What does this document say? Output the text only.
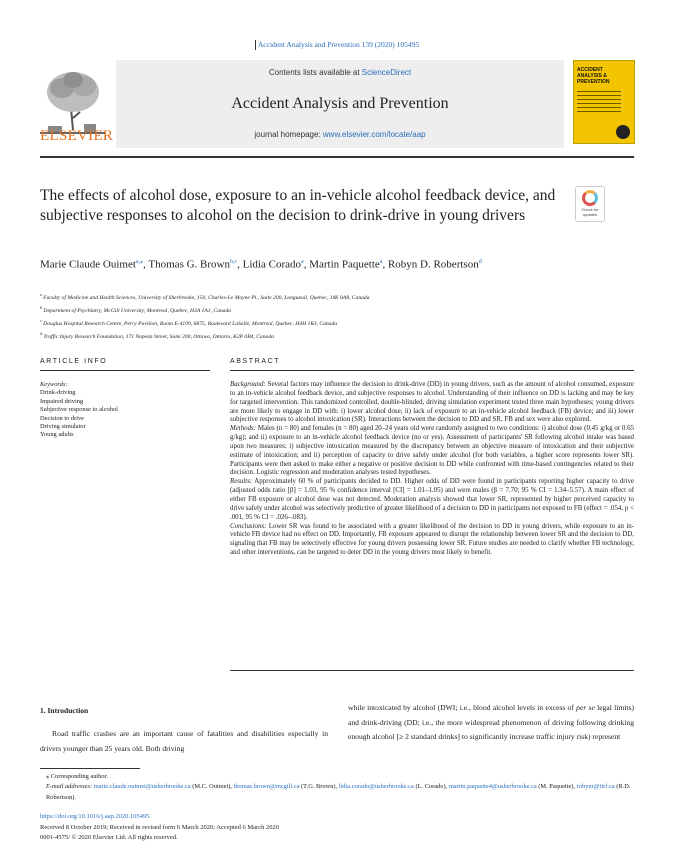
Accident Analysis and Prevention 139 (2020) 105495
ELSEVIER
Contents lists available at ScienceDirect
Accident Analysis and Prevention
journal homepage: www.elsevier.com/locate/aap
ACCIDENT ANALYSIS & PREVENTION
The effects of alcohol dose, exposure to an in-vehicle alcohol feedback device, and subjective responses to alcohol on the decision to drink-drive in young drivers	Check for updates
Marie Claude Ouimet$^{a,⁎}$, Thomas G. Brown$^{b,c}$, Lidia Corado$^a$, Martin Paquette$^a$, Robyn D. Robertson$^d$
$^a$ Faculty of Medicine and Health Sciences, University of Sherbrooke, 150, Charles-Le Moyne Pl., Suite 200, Longueuil, Quebec, J4K 0A8, Canada
$^b$ Department of Psychiatry, McGill University, Montreal, Quebec, H3A 1A1, Canada
$^c$ Douglas Hospital Research Centre, Perry Pavilion, Room E-4109, 6875, Boulevard LaSalle, Montreal, Quebec, H4H 1R3, Canada
$^d$ Traffic Injury Research Foundation, 171 Nepean Street, Suite 200, Ottawa, Ontario, K2P 0B4, Canada
ARTICLE INFO	ABSTRACT
Keywords:
Drink-driving
Impaired driving
Subjective response to alcohol
Decision to drive
Driving simulator
Young adults

Background: Several factors may influence the decision to drink-drive (DD) in young drivers, such as the amount of alcohol consumed, exposure to an in-vehicle alcohol feedback device, and subjective responses to alcohol. Understanding of their influence on DD is lacking and may be key for targeted intervention. This randomized controlled, double-blinded, driving simulation experiment tested three main hypotheses; young drivers are more likely to engage in DD with: i) lower alcohol dose; ii) lack of exposure to an in-vehicle alcohol feedback (FB) device; and iii) lower subjective responses to alcohol intoxication (SR). Interactions between the decision to DD and SR, FB and sex were also explored.

Methods: Males (n = 80) and females (n = 80) aged 20–24 years old were randomly assigned to two conditions: i) alcohol dose (0.45 g/kg or 0.65 g/kg); and ii) exposure to an in-vehicle alcohol feedback device (no or yes). Assessment of participants' SR following alcohol intake was based upon two measures: i) subjective intoxication measured by the discrepancy between an objective measure of intoxication and their subjective estimate of intoxication; and ii) perception of capacity to drive safely under alcohol (for both variables, a higher score represents lower SR). Participants were then asked to make either a negative or positive decision to DD while confronted with time-based contingencies related to their decision. Logistic regression and moderation analyses tested hypotheses.

Results: Approximately 60 % of participants decided to DD. Higher odds of DD were found in participants reporting higher capacity to drive (adjusted odds ratio [β] = 1.03, 95 % confidence interval [CI] = 1.01–1.05) and were males (β = 7.70; 95 % CI = 1.34–5.57). A main effect of either FB exposure or alcohol dose was not detected. Moderation analysis showed that lower SR, represented by higher perceived capacity to drive safely under alcohol was selectively predictive of greater likelihood of a decision to DD in participants not exposed to FB (effect = .054, p < .001, 95 % CI = .026–.083).

Conclusions: Lower SR was found to be associated with a greater likelihood of the decision to DD in young drivers, while exposure to an in-vehicle FB device had no effect on DD. Importantly, FB exposure appeared to disrupt the relationship between lower SR and the decision to DD, signaling that FB may be selectively effective for young drivers possessing lower SR. Future studies are needed to clarify whether FB technology, and other interventions, can be targeted to deter DD in the young drivers most likely to benefit.

1. Introduction
Road traffic crashes are an important cause of fatalities and disabilities especially in drivers younger than 25 years old. Both driving
while intoxicated by alcohol (DWI; i.e., blood alcohol levels in excess of per se legal limits) and drink-driving (DD; i.e., the more widespread phenomenon of driving following drinking enough alcohol [≥ 2 standard drinks] to significantly increase traffic injury risk) represent
⁎ Corresponding author.
E-mail addresses: marie.claude.ouimet@usherbrooke.ca (M.C. Ouimet), thomas.brown@mcgill.ca (T.G. Brown), lidia.corado@usherbrooke.ca (L. Corado), martin.paquette4@usherbrooke.ca (M. Paquette), robynr@tirf.ca (R.D. Robertson).
https://doi.org/10.1016/j.aap.2020.105495
Received 8 October 2019; Received in revised form 6 March 2020; Accepted 6 March 2020
0001-4575/ © 2020 Elsevier Ltd. All rights reserved.
